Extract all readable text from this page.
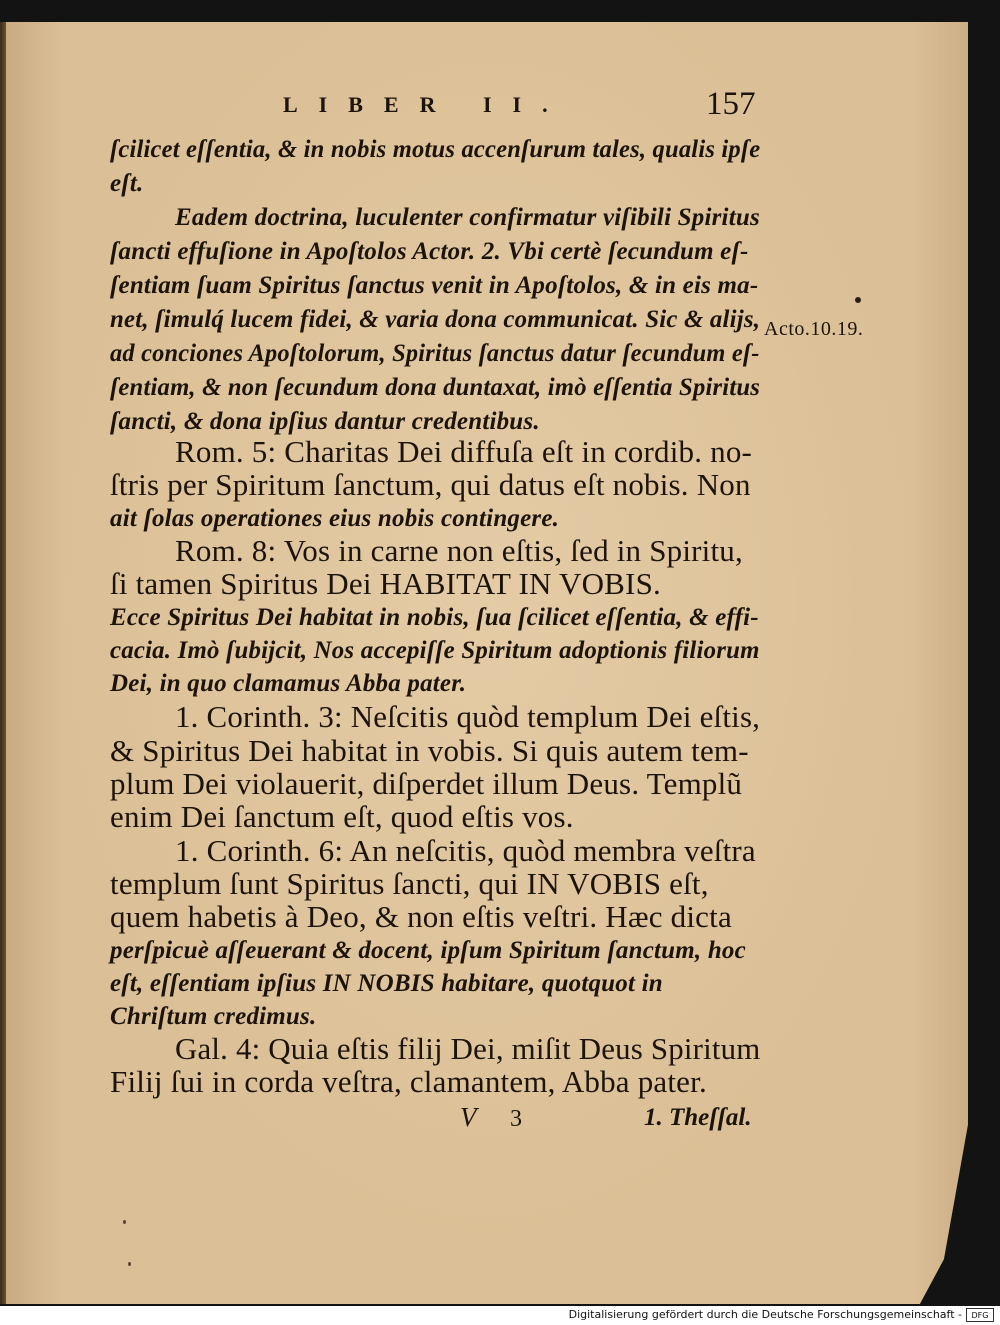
LIBER II.	157
Acto.10.19.
ſcilicet eſſentia, & in nobis motus accenſurum tales, qualis ipſe
eſt.
Eadem doctrina, luculenter confirmatur viſibili Spiritus
ſancti effuſione in Apoſtolos Actor. 2. Vbi certè ſecundum eſ-
ſentiam ſuam Spiritus ſanctus venit in Apoſtolos, & in eis ma-
net, ſimulq́ lucem fidei, & varia dona communicat. Sic & alijs,
ad conciones Apoſtolorum, Spiritus ſanctus datur ſecundum eſ-
ſentiam, & non ſecundum dona duntaxat, imò eſſentia Spiritus
ſancti, & dona ipſius dantur credentibus.
Rom. 5: Charitas Dei diffuſa eſt in cordib. no-
ſtris per Spiritum ſanctum, qui datus eſt nobis. Non
ait ſolas operationes eius nobis contingere.
Rom. 8: Vos in carne non eſtis, ſed in Spiritu,
ſi tamen Spiritus Dei HABITAT IN VOBIS.
Ecce Spiritus Dei habitat in nobis, ſua ſcilicet eſſentia, & effi-
cacia. Imò ſubijcit, Nos accepiſſe Spiritum adoptionis filiorum
Dei, in quo clamamus Abba pater.
1. Corinth. 3: Neſcitis quòd templum Dei eſtis,
& Spiritus Dei habitat in vobis. Si quis autem tem-
plum Dei violauerit, diſperdet illum Deus. Templũ
enim Dei ſanctum eſt, quod eſtis vos.
1. Corinth. 6: An neſcitis, quòd membra veſtra
templum ſunt Spiritus ſancti, qui IN VOBIS eſt,
quem habetis à Deo, & non eſtis veſtri. Hæc dicta
perſpicuè aſſeuerant & docent, ipſum Spiritum ſanctum, hoc
eſt, eſſentiam ipſius IN NOBIS habitare, quotquot in
Chriſtum credimus.
Gal. 4: Quia eſtis filij Dei, miſit Deus Spiritum
Filij ſui in corda veſtra, clamantem, Abba pater.
V 3	1. Theſſal.
Digitalisierung gefördert durch die Deutsche Forschungsgemeinschaft -	DFG
